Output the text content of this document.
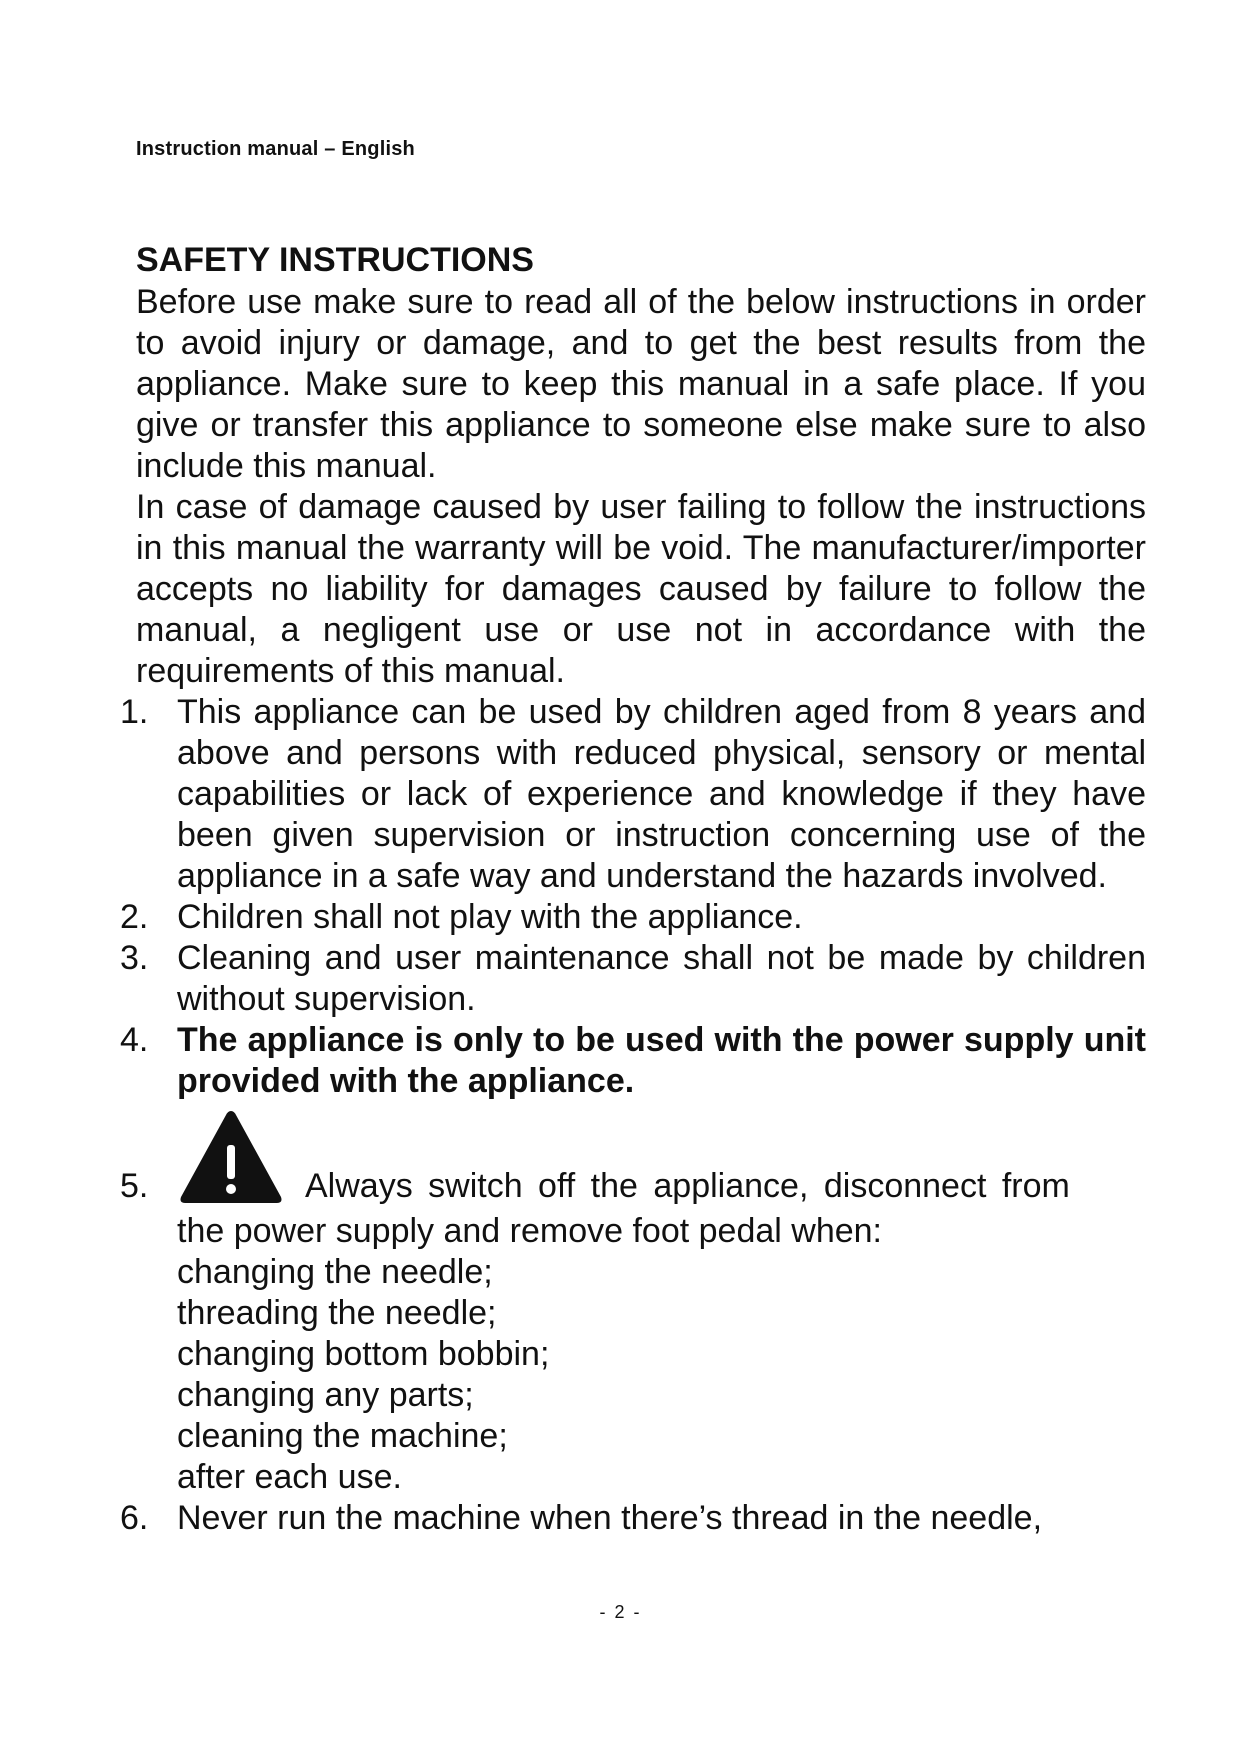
Instruction manual – English
SAFETY INSTRUCTIONS

Before use make sure to read all of the below instructions in order to avoid injury or damage, and to get the best results from the appliance. Make sure to keep this manual in a safe place. If you give or transfer this appliance to someone else make sure to also include this manual.

In case of damage caused by user failing to follow the instructions in this manual the warranty will be void. The manufacturer/importer accepts no liability for damages caused by failure to follow the manual, a negligent use or use not in accordance with the requirements of this manual.

1. This appliance can be used by children aged from 8 years and above and persons with reduced physical, sensory or mental capabilities or lack of experience and knowledge if they have been given supervision or instruction concerning use of the appliance in a safe way and understand the hazards involved.
2. Children shall not play with the appliance.
3. Cleaning and user maintenance shall not be made by children without supervision.
4. The appliance is only to be used with the power supply unit provided with the appliance.
5.	Always switch off the appliance, disconnect from
the power supply and remove foot pedal when:
changing the needle;
threading the needle;
changing bottom bobbin;
changing any parts;
cleaning the machine;
after each use.
6. Never run the machine when there’s thread in the needle,
- 2 -
